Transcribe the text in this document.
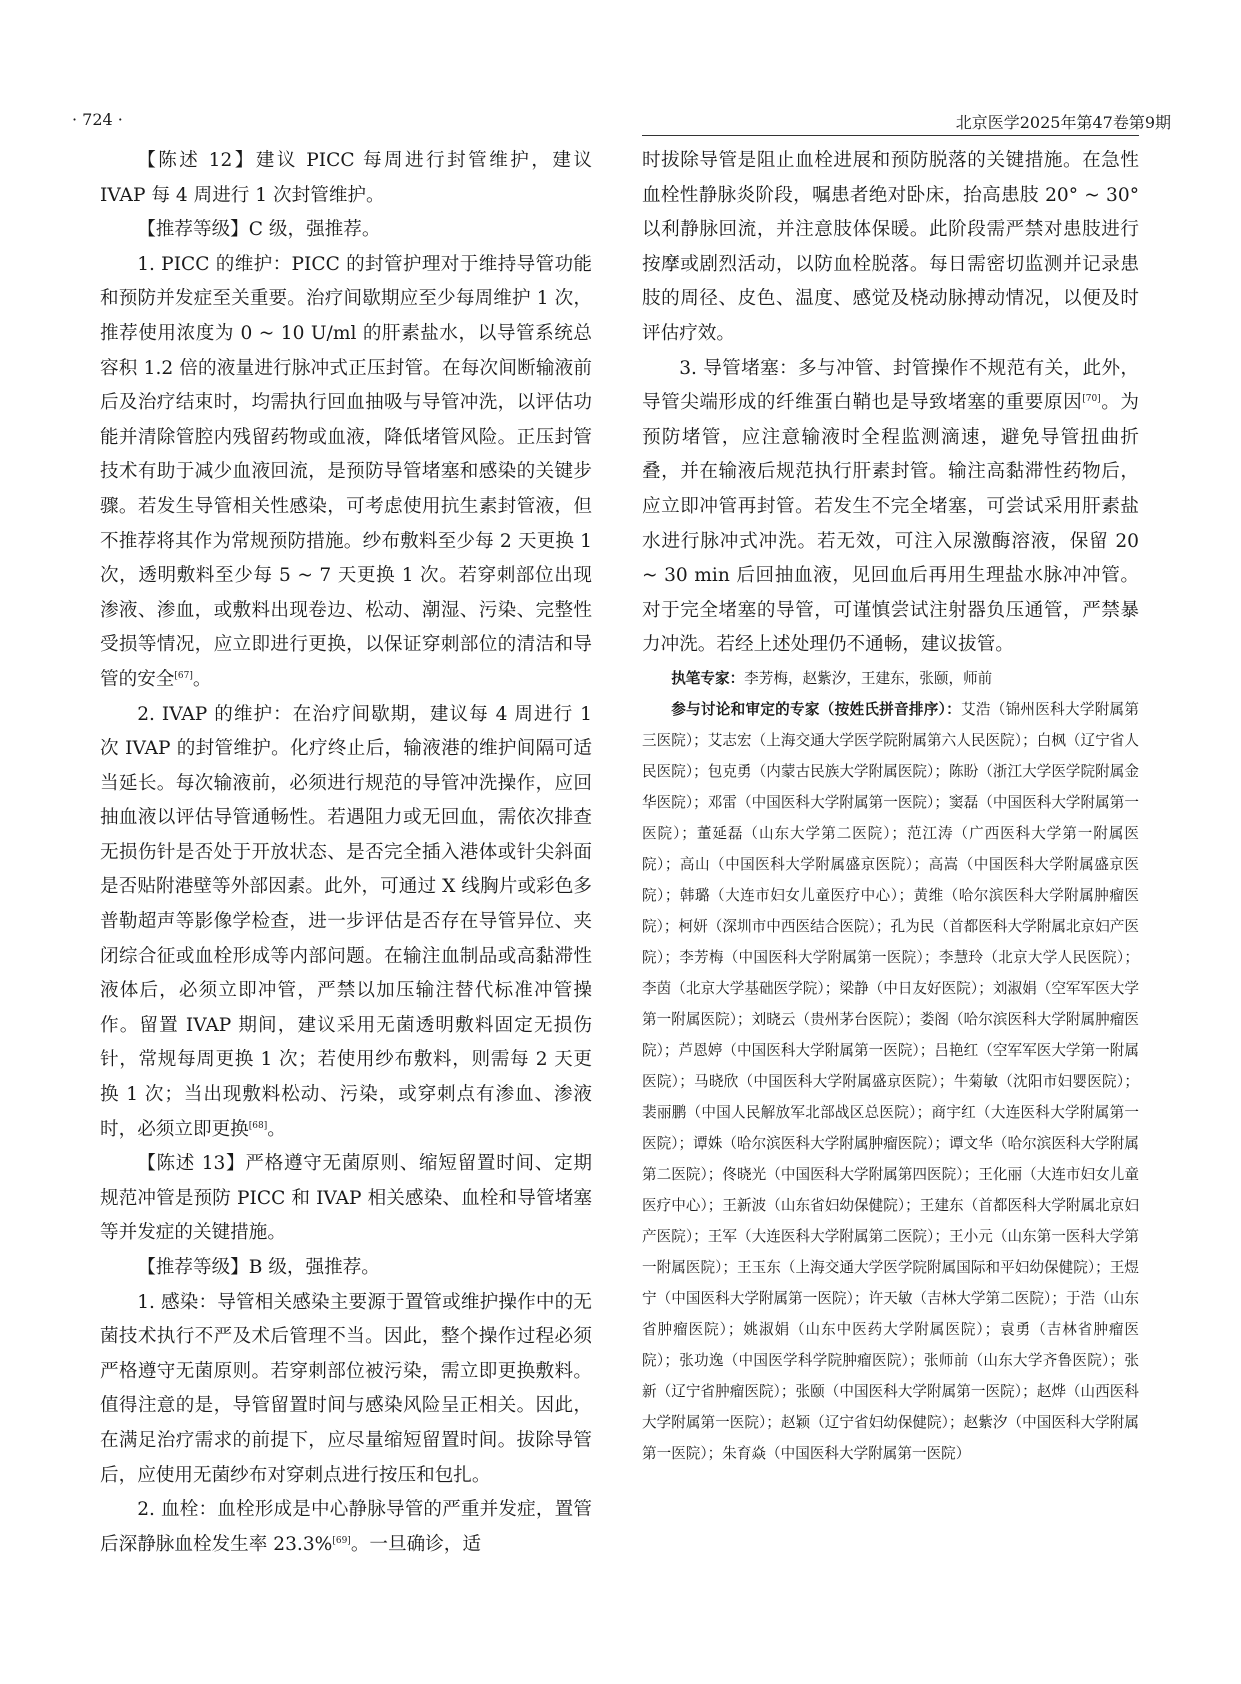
· 724 ·	北京医学2025年第47卷第9期

【陈述 12】建议 PICC 每周进行封管维护，建议 IVAP 每 4 周进行 1 次封管维护。

【推荐等级】C 级，强推荐。

1. PICC 的维护：PICC 的封管护理对于维持导管功能和预防并发症至关重要。治疗间歇期应至少每周维护 1 次，推荐使用浓度为 0 ~ 10 U/ml 的肝素盐水，以导管系统总容积 1.2 倍的液量进行脉冲式正压封管。在每次间断输液前后及治疗结束时，均需执行回血抽吸与导管冲洗，以评估功能并清除管腔内残留药物或血液，降低堵管风险。正压封管技术有助于减少血液回流，是预防导管堵塞和感染的关键步骤。若发生导管相关性感染，可考虑使用抗生素封管液，但不推荐将其作为常规预防措施。纱布敷料至少每 2 天更换 1 次，透明敷料至少每 5 ~ 7 天更换 1 次。若穿刺部位出现渗液、渗血，或敷料出现卷边、松动、潮湿、污染、完整性受损等情况，应立即进行更换，以保证穿刺部位的清洁和导管的安全[67]。

2. IVAP 的维护：在治疗间歇期，建议每 4 周进行 1 次 IVAP 的封管维护。化疗终止后，输液港的维护间隔可适当延长。每次输液前，必须进行规范的导管冲洗操作，应回抽血液以评估导管通畅性。若遇阻力或无回血，需依次排查无损伤针是否处于开放状态、是否完全插入港体或针尖斜面是否贴附港壁等外部因素。此外，可通过 X 线胸片或彩色多普勒超声等影像学检查，进一步评估是否存在导管异位、夹闭综合征或血栓形成等内部问题。在输注血制品或高黏滞性液体后，必须立即冲管，严禁以加压输注替代标准冲管操作。留置 IVAP 期间，建议采用无菌透明敷料固定无损伤针，常规每周更换 1 次；若使用纱布敷料，则需每 2 天更换 1 次；当出现敷料松动、污染，或穿刺点有渗血、渗液时，必须立即更换[68]。

【陈述 13】严格遵守无菌原则、缩短留置时间、定期规范冲管是预防 PICC 和 IVAP 相关感染、血栓和导管堵塞等并发症的关键措施。

【推荐等级】B 级，强推荐。

1. 感染：导管相关感染主要源于置管或维护操作中的无菌技术执行不严及术后管理不当。因此，整个操作过程必须严格遵守无菌原则。若穿刺部位被污染，需立即更换敷料。值得注意的是，导管留置时间与感染风险呈正相关。因此，在满足治疗需求的前提下，应尽量缩短留置时间。拔除导管后，应使用无菌纱布对穿刺点进行按压和包扎。

2. 血栓：血栓形成是中心静脉导管的严重并发症，置管后深静脉血栓发生率 23.3%[69]。一旦确诊，适

时拔除导管是阻止血栓进展和预防脱落的关键措施。在急性血栓性静脉炎阶段，嘱患者绝对卧床，抬高患肢 20° ~ 30° 以利静脉回流，并注意肢体保暖。此阶段需严禁对患肢进行按摩或剧烈活动，以防血栓脱落。每日需密切监测并记录患肢的周径、皮色、温度、感觉及桡动脉搏动情况，以便及时评估疗效。

3. 导管堵塞：多与冲管、封管操作不规范有关，此外，导管尖端形成的纤维蛋白鞘也是导致堵塞的重要原因[70]。为预防堵管，应注意输液时全程监测滴速，避免导管扭曲折叠，并在输液后规范执行肝素封管。输注高黏滞性药物后，应立即冲管再封管。若发生不完全堵塞，可尝试采用肝素盐水进行脉冲式冲洗。若无效，可注入尿激酶溶液，保留 20 ~ 30 min 后回抽血液，见回血后再用生理盐水脉冲冲管。对于完全堵塞的导管，可谨慎尝试注射器负压通管，严禁暴力冲洗。若经上述处理仍不通畅，建议拔管。

执笔专家：李芳梅，赵紫汐，王建东，张颐，师前

参与讨论和审定的专家（按姓氏拼音排序）：艾浩（锦州医科大学附属第三医院）；艾志宏（上海交通大学医学院附属第六人民医院）；白枫（辽宁省人民医院）；包克勇（内蒙古民族大学附属医院）；陈盼（浙江大学医学院附属金华医院）；邓雷（中国医科大学附属第一医院）；窦磊（中国医科大学附属第一医院）；董延磊（山东大学第二医院）；范江涛（广西医科大学第一附属医院）；高山（中国医科大学附属盛京医院）；高嵩（中国医科大学附属盛京医院）；韩璐（大连市妇女儿童医疗中心）；黄维（哈尔滨医科大学附属肿瘤医院）；柯妍（深圳市中西医结合医院）；孔为民（首都医科大学附属北京妇产医院）；李芳梅（中国医科大学附属第一医院）；李慧玲（北京大学人民医院）；李茵（北京大学基础医学院）；梁静（中日友好医院）；刘淑娟（空军军医大学第一附属医院）；刘晓云（贵州茅台医院）；娄阁（哈尔滨医科大学附属肿瘤医院）；芦恩婷（中国医科大学附属第一医院）；吕艳红（空军军医大学第一附属医院）；马晓欣（中国医科大学附属盛京医院）；牛菊敏（沈阳市妇婴医院）；裴丽鹏（中国人民解放军北部战区总医院）；商宇红（大连医科大学附属第一医院）；谭姝（哈尔滨医科大学附属肿瘤医院）；谭文华（哈尔滨医科大学附属第二医院）；佟晓光（中国医科大学附属第四医院）；王化丽（大连市妇女儿童医疗中心）；王新波（山东省妇幼保健院）；王建东（首都医科大学附属北京妇产医院）；王军（大连医科大学附属第二医院）；王小元（山东第一医科大学第一附属医院）；王玉东（上海交通大学医学院附属国际和平妇幼保健院）；王煜宁（中国医科大学附属第一医院）；许天敏（吉林大学第二医院）；于浩（山东省肿瘤医院）；姚淑娟（山东中医药大学附属医院）；袁勇（吉林省肿瘤医院）；张功逸（中国医学科学院肿瘤医院）；张师前（山东大学齐鲁医院）；张新（辽宁省肿瘤医院）；张颐（中国医科大学附属第一医院）；赵烨（山西医科大学附属第一医院）；赵颖（辽宁省妇幼保健院）；赵紫汐（中国医科大学附属第一医院）；朱育焱（中国医科大学附属第一医院）
